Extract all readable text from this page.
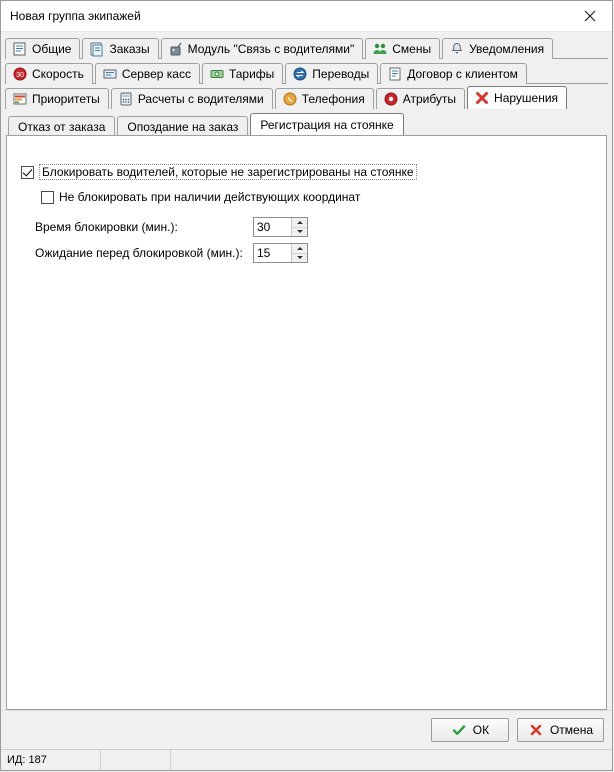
Новая группа экипажей
Общие	Заказы	Модуль "Связь с водителями"	Смены	Уведомления
30 Скорость	Сервер касс	Тарифы	Переводы	Договор с клиентом
Приоритеты	Расчеты с водителями	Телефония	Атрибуты	Нарушения
Отказ от заказа Опоздание на заказ Регистрация на стоянке
Блокировать водителей, которые не зарегистрированы на стоянке
Не блокировать при наличии действующих координат
Время блокировки (мин.):
30
Ожидание перед блокировкой (мин.):
15
ОК	Отмена
ИД: 187
